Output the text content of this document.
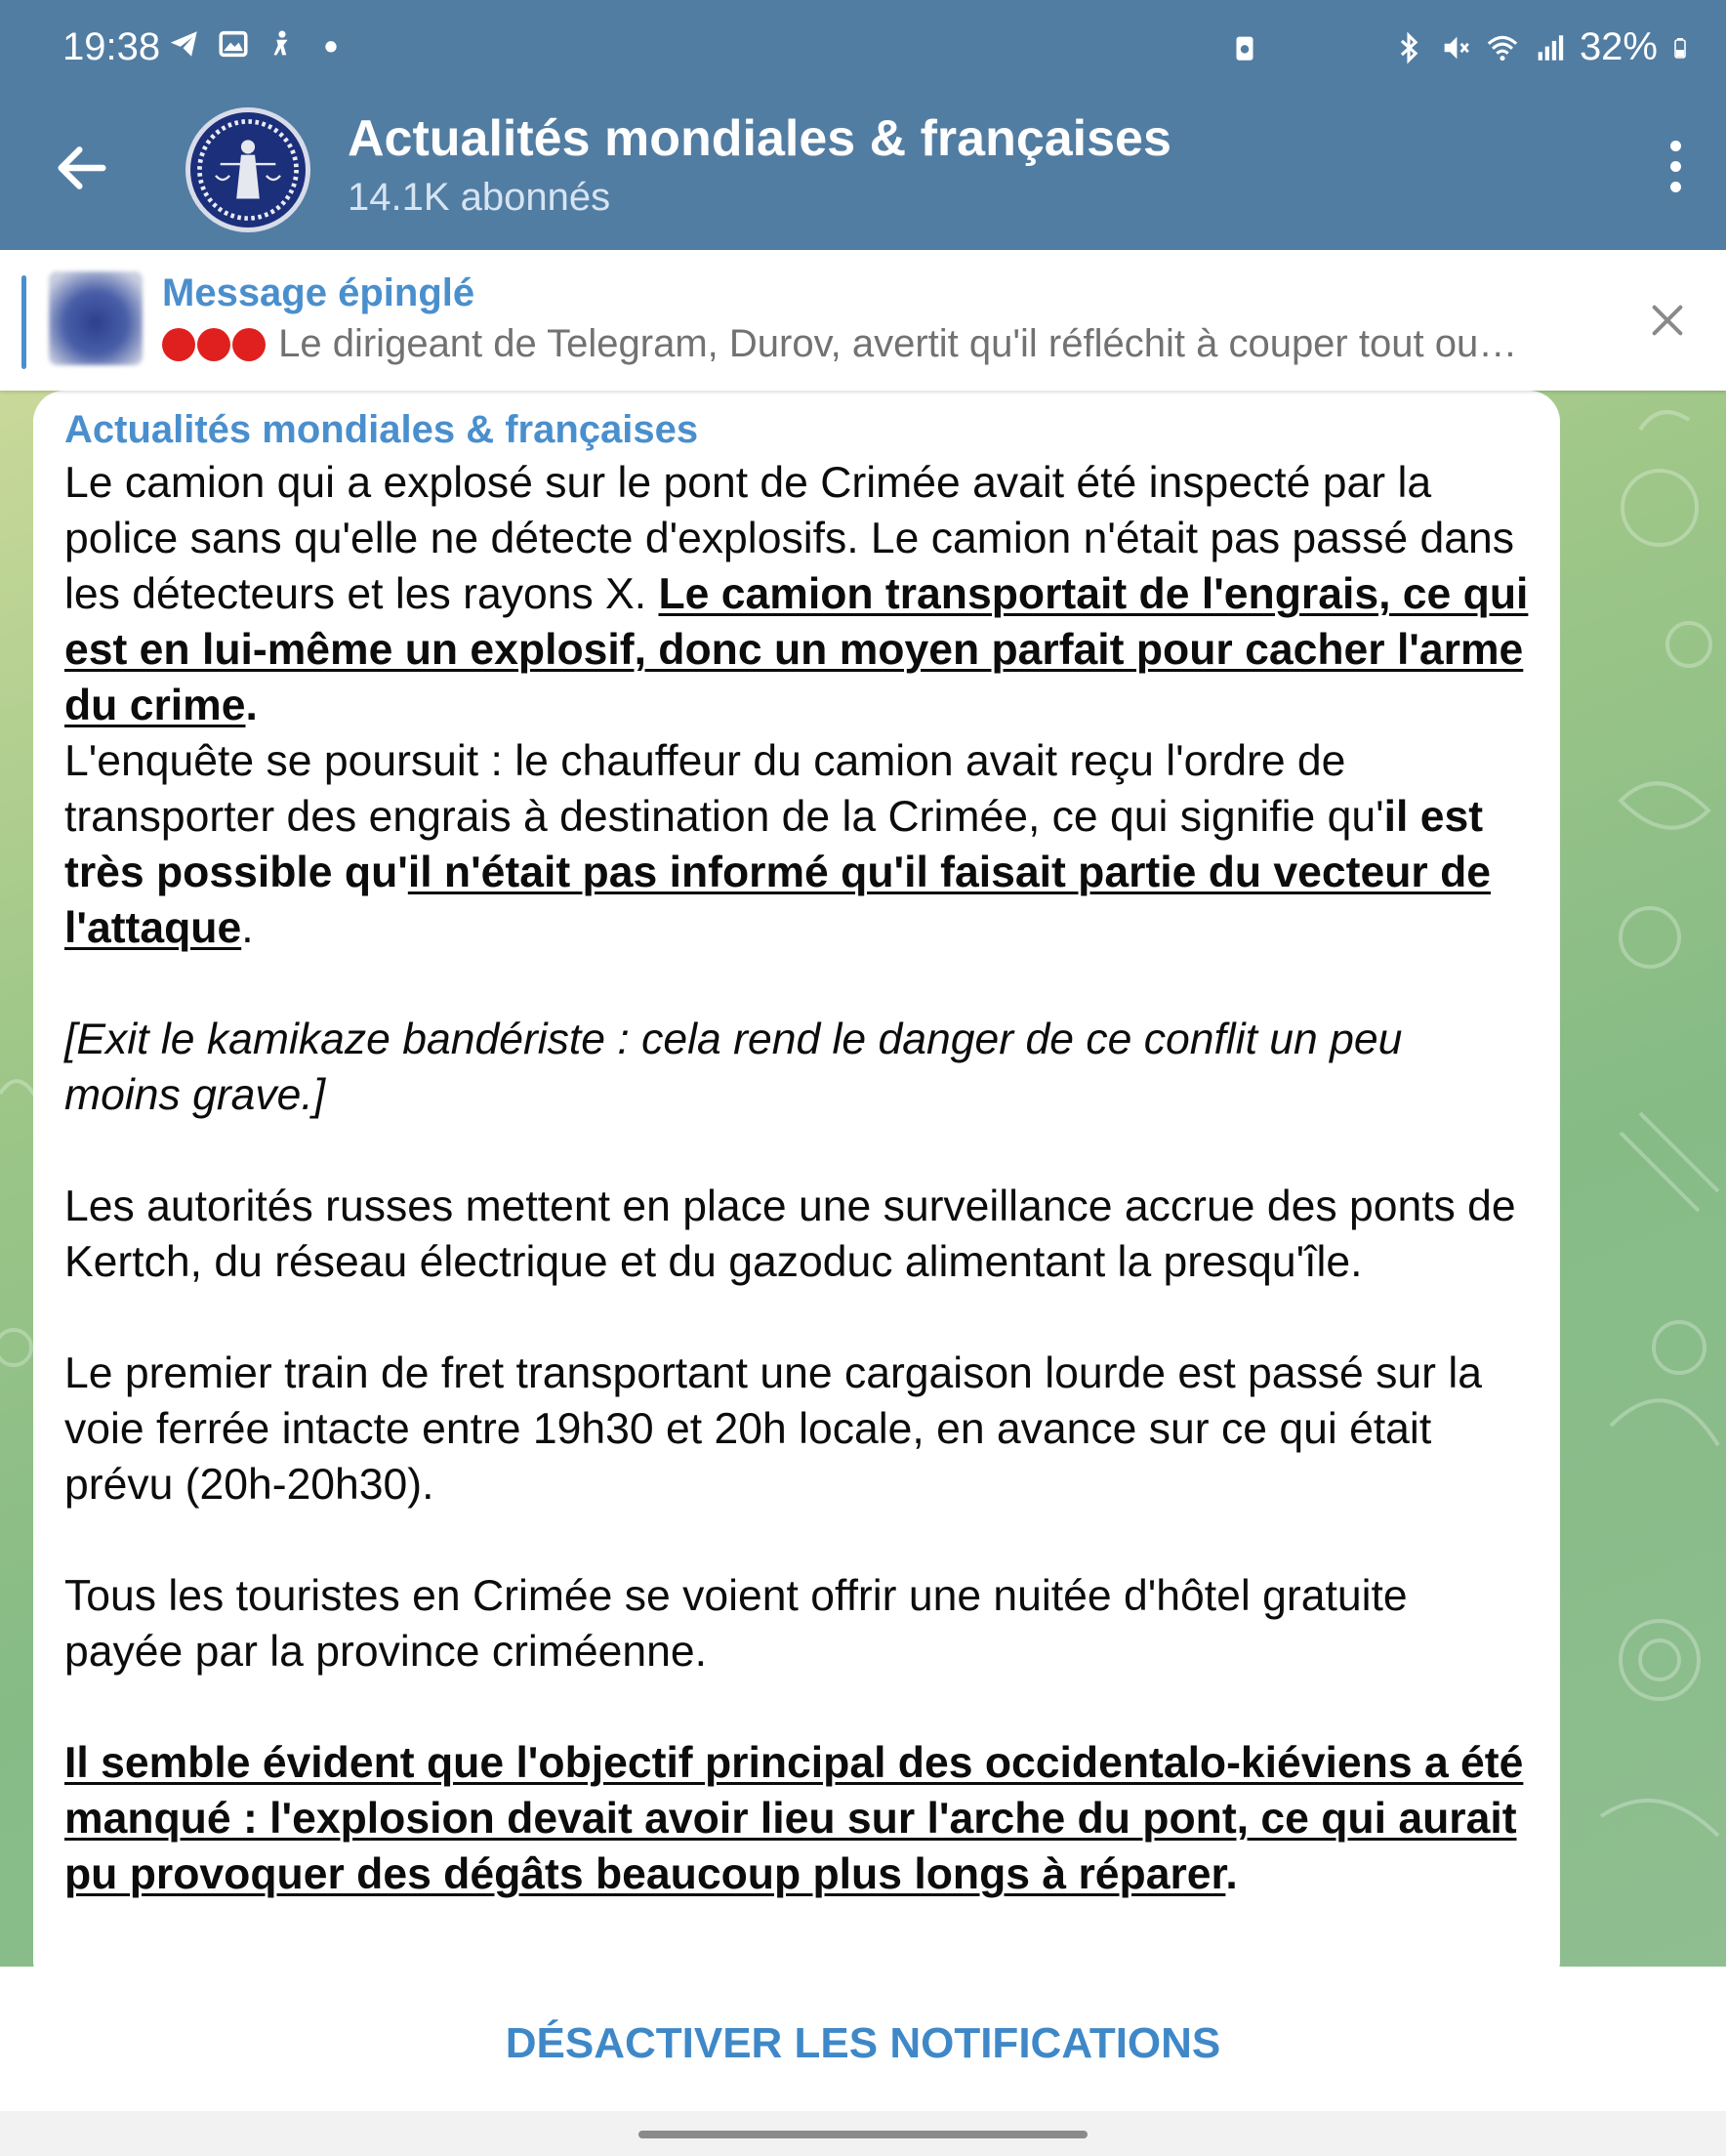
19:38	32%
Actualités mondiales & françaises
14.1K abonnés
Message épinglé
Le dirigeant de Telegram, Durov, avertit qu'il réfléchit à couper tout ou…
Actualités mondiales & françaises

Le camion qui a explosé sur le pont de Crimée avait été inspecté par la police sans qu'elle ne détecte d'explosifs. Le camion n'était pas passé dans les détecteurs et les rayons X. Le camion transportait de l'engrais, ce qui est en lui-même un explosif, donc un moyen parfait pour cacher l'arme du crime.

L'enquête se poursuit : le chauffeur du camion avait reçu l'ordre de transporter des engrais à destination de la Crimée, ce qui signifie qu'il est très possible qu'il n'était pas informé qu'il faisait partie du vecteur de l'attaque.

[Exit le kamikaze bandériste : cela rend le danger de ce conflit un peu moins grave.]

Les autorités russes mettent en place une surveillance accrue des ponts de Kertch, du réseau électrique et du gazoduc alimentant la presqu'île.

Le premier train de fret transportant une cargaison lourde est passé sur la voie ferrée intacte entre 19h30 et 20h locale, en avance sur ce qui était prévu (20h-20h30).

Tous les touristes en Crimée se voient offrir une nuitée d'hôtel gratuite payée par la province criméenne.

Il semble évident que l'objectif principal des occidentalo-kiéviens a été manqué : l'explosion devait avoir lieu sur l'arche du pont, ce qui aurait pu provoquer des dégâts beaucoup plus longs à réparer.

DÉSACTIVER LES NOTIFICATIONS
